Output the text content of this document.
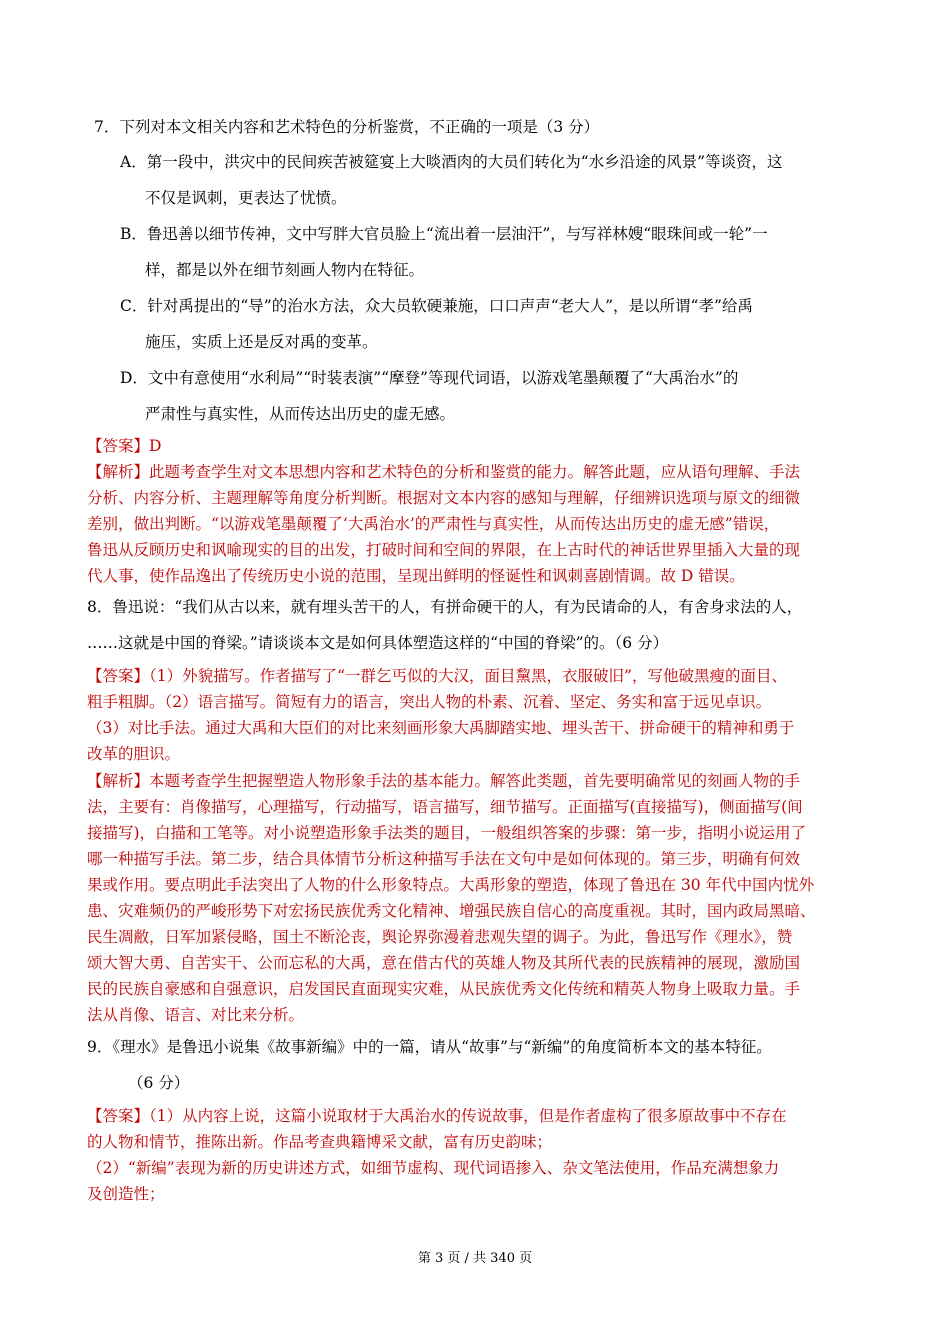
7．下列对本文相关内容和艺术特色的分析鉴赏，不正确的一项是（3 分）
A．第一段中，洪灾中的民间疾苦被筵宴上大啖酒肉的大员们转化为“水乡沿途的风景”等谈资，这
不仅是讽刺，更表达了忧愤。
B．鲁迅善以细节传神，文中写胖大官员脸上“流出着一层油汗”，与写祥林嫂“眼珠间或一轮”一
样，都是以外在细节刻画人物内在特征。
C．针对禹提出的“导”的治水方法，众大员软硬兼施，口口声声“老大人”，是以所谓“孝”给禹
施压，实质上还是反对禹的变革。
D．文中有意使用“水利局”“时装表演”“摩登”等现代词语，以游戏笔墨颠覆了“大禹治水”的
严肃性与真实性，从而传达出历史的虚无感。
【答案】D
【解析】此题考查学生对文本思想内容和艺术特色的分析和鉴赏的能力。解答此题，应从语句理解、手法
分析、内容分析、主题理解等角度分析判断。根据对文本内容的感知与理解，仔细辨识选项与原文的细微
差别，做出判断。“以游戏笔墨颠覆了‘大禹治水’的严肃性与真实性，从而传达出历史的虚无感”错误，
鲁迅从反顾历史和讽喻现实的目的出发，打破时间和空间的界限，在上古时代的神话世界里插入大量的现
代人事，使作品逸出了传统历史小说的范围，呈现出鲜明的怪诞性和讽刺喜剧情调。故 D 错误。
8．鲁迅说：“我们从古以来，就有埋头苦干的人，有拼命硬干的人，有为民请命的人，有舍身求法的人，
……这就是中国的脊梁。”请谈谈本文是如何具体塑造这样的“中国的脊梁”的。（6 分）
【答案】（1）外貌描写。作者描写了“一群乞丐似的大汉，面目黧黑，衣服破旧”，写他破黑瘦的面目、
粗手粗脚。（2）语言描写。简短有力的语言，突出人物的朴素、沉着、坚定、务实和富于远见卓识。
（3）对比手法。通过大禹和大臣们的对比来刻画形象大禹脚踏实地、埋头苦干、拼命硬干的精神和勇于
改革的胆识。
【解析】本题考查学生把握塑造人物形象手法的基本能力。解答此类题，首先要明确常见的刻画人物的手
法，主要有：肖像描写，心理描写，行动描写，语言描写，细节描写。正面描写(直接描写)，侧面描写(间
接描写)，白描和工笔等。对小说塑造形象手法类的题目，一般组织答案的步骤：第一步，指明小说运用了
哪一种描写手法。第二步，结合具体情节分析这种描写手法在文句中是如何体现的。第三步，明确有何效
果或作用。要点明此手法突出了人物的什么形象特点。大禹形象的塑造，体现了鲁迅在 30 年代中国内忧外
患、灾难频仍的严峻形势下对宏扬民族优秀文化精神、增强民族自信心的高度重视。其时，国内政局黑暗、
民生凋敝，日军加紧侵略，国土不断沦丧，舆论界弥漫着悲观失望的调子。为此，鲁迅写作《理水》，赞
颂大智大勇、自苦实干、公而忘私的大禹，意在借古代的英雄人物及其所代表的民族精神的展现，激励国
民的民族自豪感和自强意识，启发国民直面现实灾难，从民族优秀文化传统和精英人物身上吸取力量。手
法从肖像、语言、对比来分析。
9．《理水》是鲁迅小说集《故事新编》中的一篇，请从“故事”与“新编”的角度简析本文的基本特征。
（6 分）
【答案】（1）从内容上说，这篇小说取材于大禹治水的传说故事，但是作者虚构了很多原故事中不存在
的人物和情节，推陈出新。作品考查典籍博采文献，富有历史韵味；
（2）“新编”表现为新的历史讲述方式，如细节虚构、现代词语掺入、杂文笔法使用，作品充满想象力
及创造性；
第 3 页 / 共 340 页
